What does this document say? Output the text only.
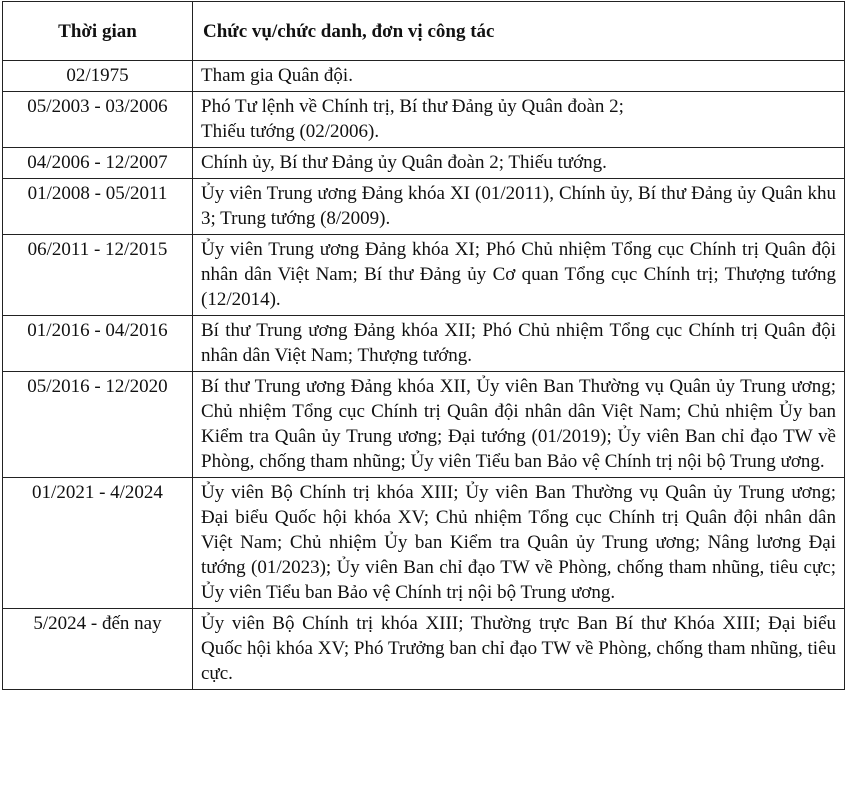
Thời gian	Chức vụ/chức danh, đơn vị công tác
02/1975	Tham gia Quân đội.
05/2003 - 03/2006	Phó Tư lệnh về Chính trị, Bí thư Đảng ủy Quân đoàn 2;
Thiếu tướng (02/2006).
04/2006 - 12/2007	Chính ủy, Bí thư Đảng ủy Quân đoàn 2; Thiếu tướng.
01/2008 - 05/2011	Ủy viên Trung ương Đảng khóa XI (01/2011), Chính ủy, Bí thư Đảng ủy Quân khu 3; Trung tướng (8/2009).
06/2011 - 12/2015	Ủy viên Trung ương Đảng khóa XI; Phó Chủ nhiệm Tổng cục Chính trị Quân đội nhân dân Việt Nam; Bí thư Đảng ủy Cơ quan Tổng cục Chính trị; Thượng tướng (12/2014).
01/2016 - 04/2016	Bí thư Trung ương Đảng khóa XII; Phó Chủ nhiệm Tổng cục Chính trị Quân đội nhân dân Việt Nam; Thượng tướng.
05/2016 - 12/2020	Bí thư Trung ương Đảng khóa XII, Ủy viên Ban Thường vụ Quân ủy Trung ương; Chủ nhiệm Tổng cục Chính trị Quân đội nhân dân Việt Nam; Chủ nhiệm Ủy ban Kiểm tra Quân ủy Trung ương; Đại tướng (01/2019); Ủy viên Ban chỉ đạo TW về Phòng, chống tham nhũng; Ủy viên Tiểu ban Bảo vệ Chính trị nội bộ Trung ương.
01/2021 - 4/2024	Ủy viên Bộ Chính trị khóa XIII; Ủy viên Ban Thường vụ Quân ủy Trung ương; Đại biểu Quốc hội khóa XV; Chủ nhiệm Tổng cục Chính trị Quân đội nhân dân Việt Nam; Chủ nhiệm Ủy ban Kiểm tra Quân ủy Trung ương; Nâng lương Đại tướng (01/2023); Ủy viên Ban chỉ đạo TW về Phòng, chống tham nhũng, tiêu cực; Ủy viên Tiểu ban Bảo vệ Chính trị nội bộ Trung ương.
5/2024 - đến nay	Ủy viên Bộ Chính trị khóa XIII; Thường trực Ban Bí thư Khóa XIII; Đại biểu Quốc hội khóa XV; Phó Trưởng ban chỉ đạo TW về Phòng, chống tham nhũng, tiêu cực.
